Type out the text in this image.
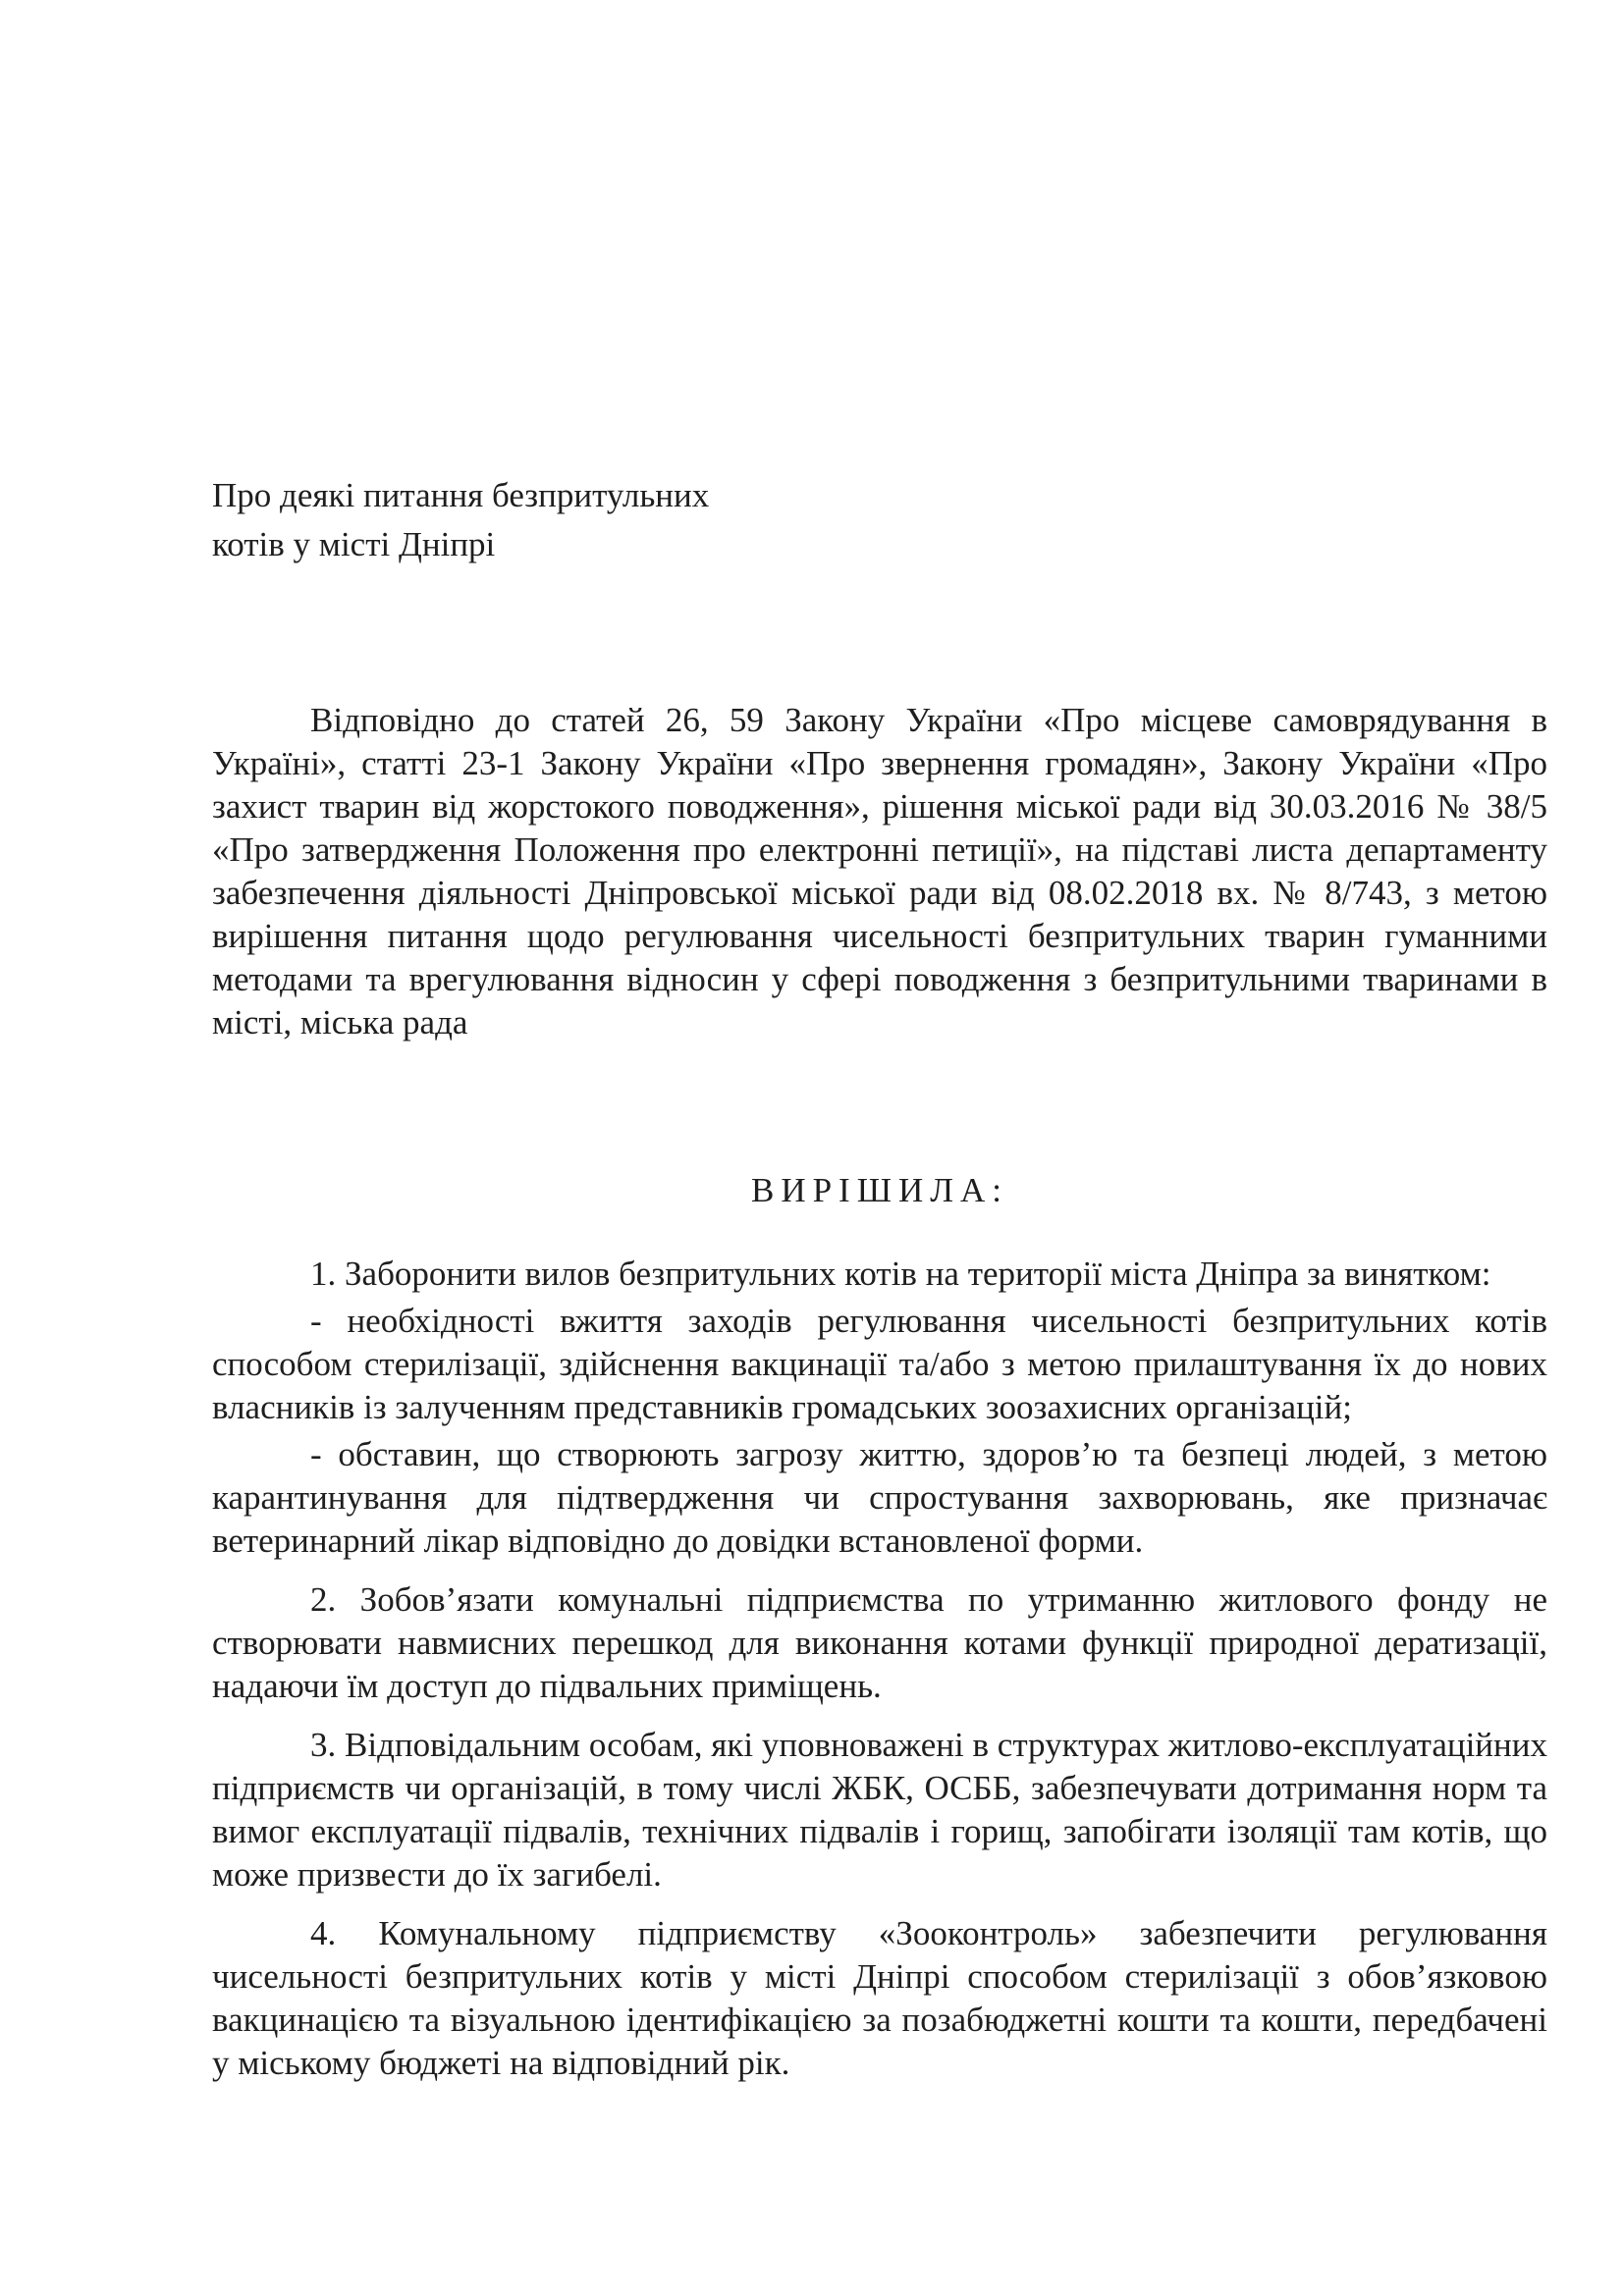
Про деякі питання безпритульних
котів у місті Дніпрі

Відповідно до статей 26, 59 Закону України «Про місцеве самоврядування в Україні», статті 23-1 Закону України «Про звернення громадян», Закону України «Про захист тварин від жорстокого поводження», рішення міської ради від 30.03.2016 № 38/5 «Про затвердження Положення про електронні петиції», на підставі листа департаменту забезпечення діяльності Дніпровської міської ради від 08.02.2018 вх. № 8/743, з метою вирішення питання щодо регулювання чисельності безпритульних тварин гуманними методами та врегулювання відносин у сфері поводження з безпритульними тваринами в місті, міська рада

ВИРІШИЛА:

1. Заборонити вилов безпритульних котів на території міста Дніпра за винятком:

- необхідності вжиття заходів регулювання чисельності безпритульних котів способом стерилізації, здійснення вакцинації та/або з метою прилаштування їх до нових власників із залученням представників громадських зоозахисних організацій;

- обставин, що створюють загрозу життю, здоров’ю та безпеці людей, з метою карантинування для підтвердження чи спростування захворювань, яке призначає ветеринарний лікар відповідно до довідки встановленої форми.

2. Зобов’язати комунальні підприємства по утриманню житлового фонду не створювати навмисних перешкод для виконання котами функції природної дератизації, надаючи їм доступ до підвальних приміщень.

3. Відповідальним особам, які уповноважені в структурах житлово-експлуатаційних підприємств чи організацій, в тому числі ЖБК, ОСББ, забезпечувати дотримання норм та вимог експлуатації підвалів, технічних підвалів і горищ, запобігати ізоляції там котів, що може призвести до їх загибелі.

4. Комунальному підприємству «Зооконтроль» забезпечити регулювання чисельності безпритульних котів у місті Дніпрі способом стерилізації з обов’язковою вакцинацією та візуальною ідентифікацією за позабюджетні кошти та кошти, передбачені у міському бюджеті на відповідний рік.
